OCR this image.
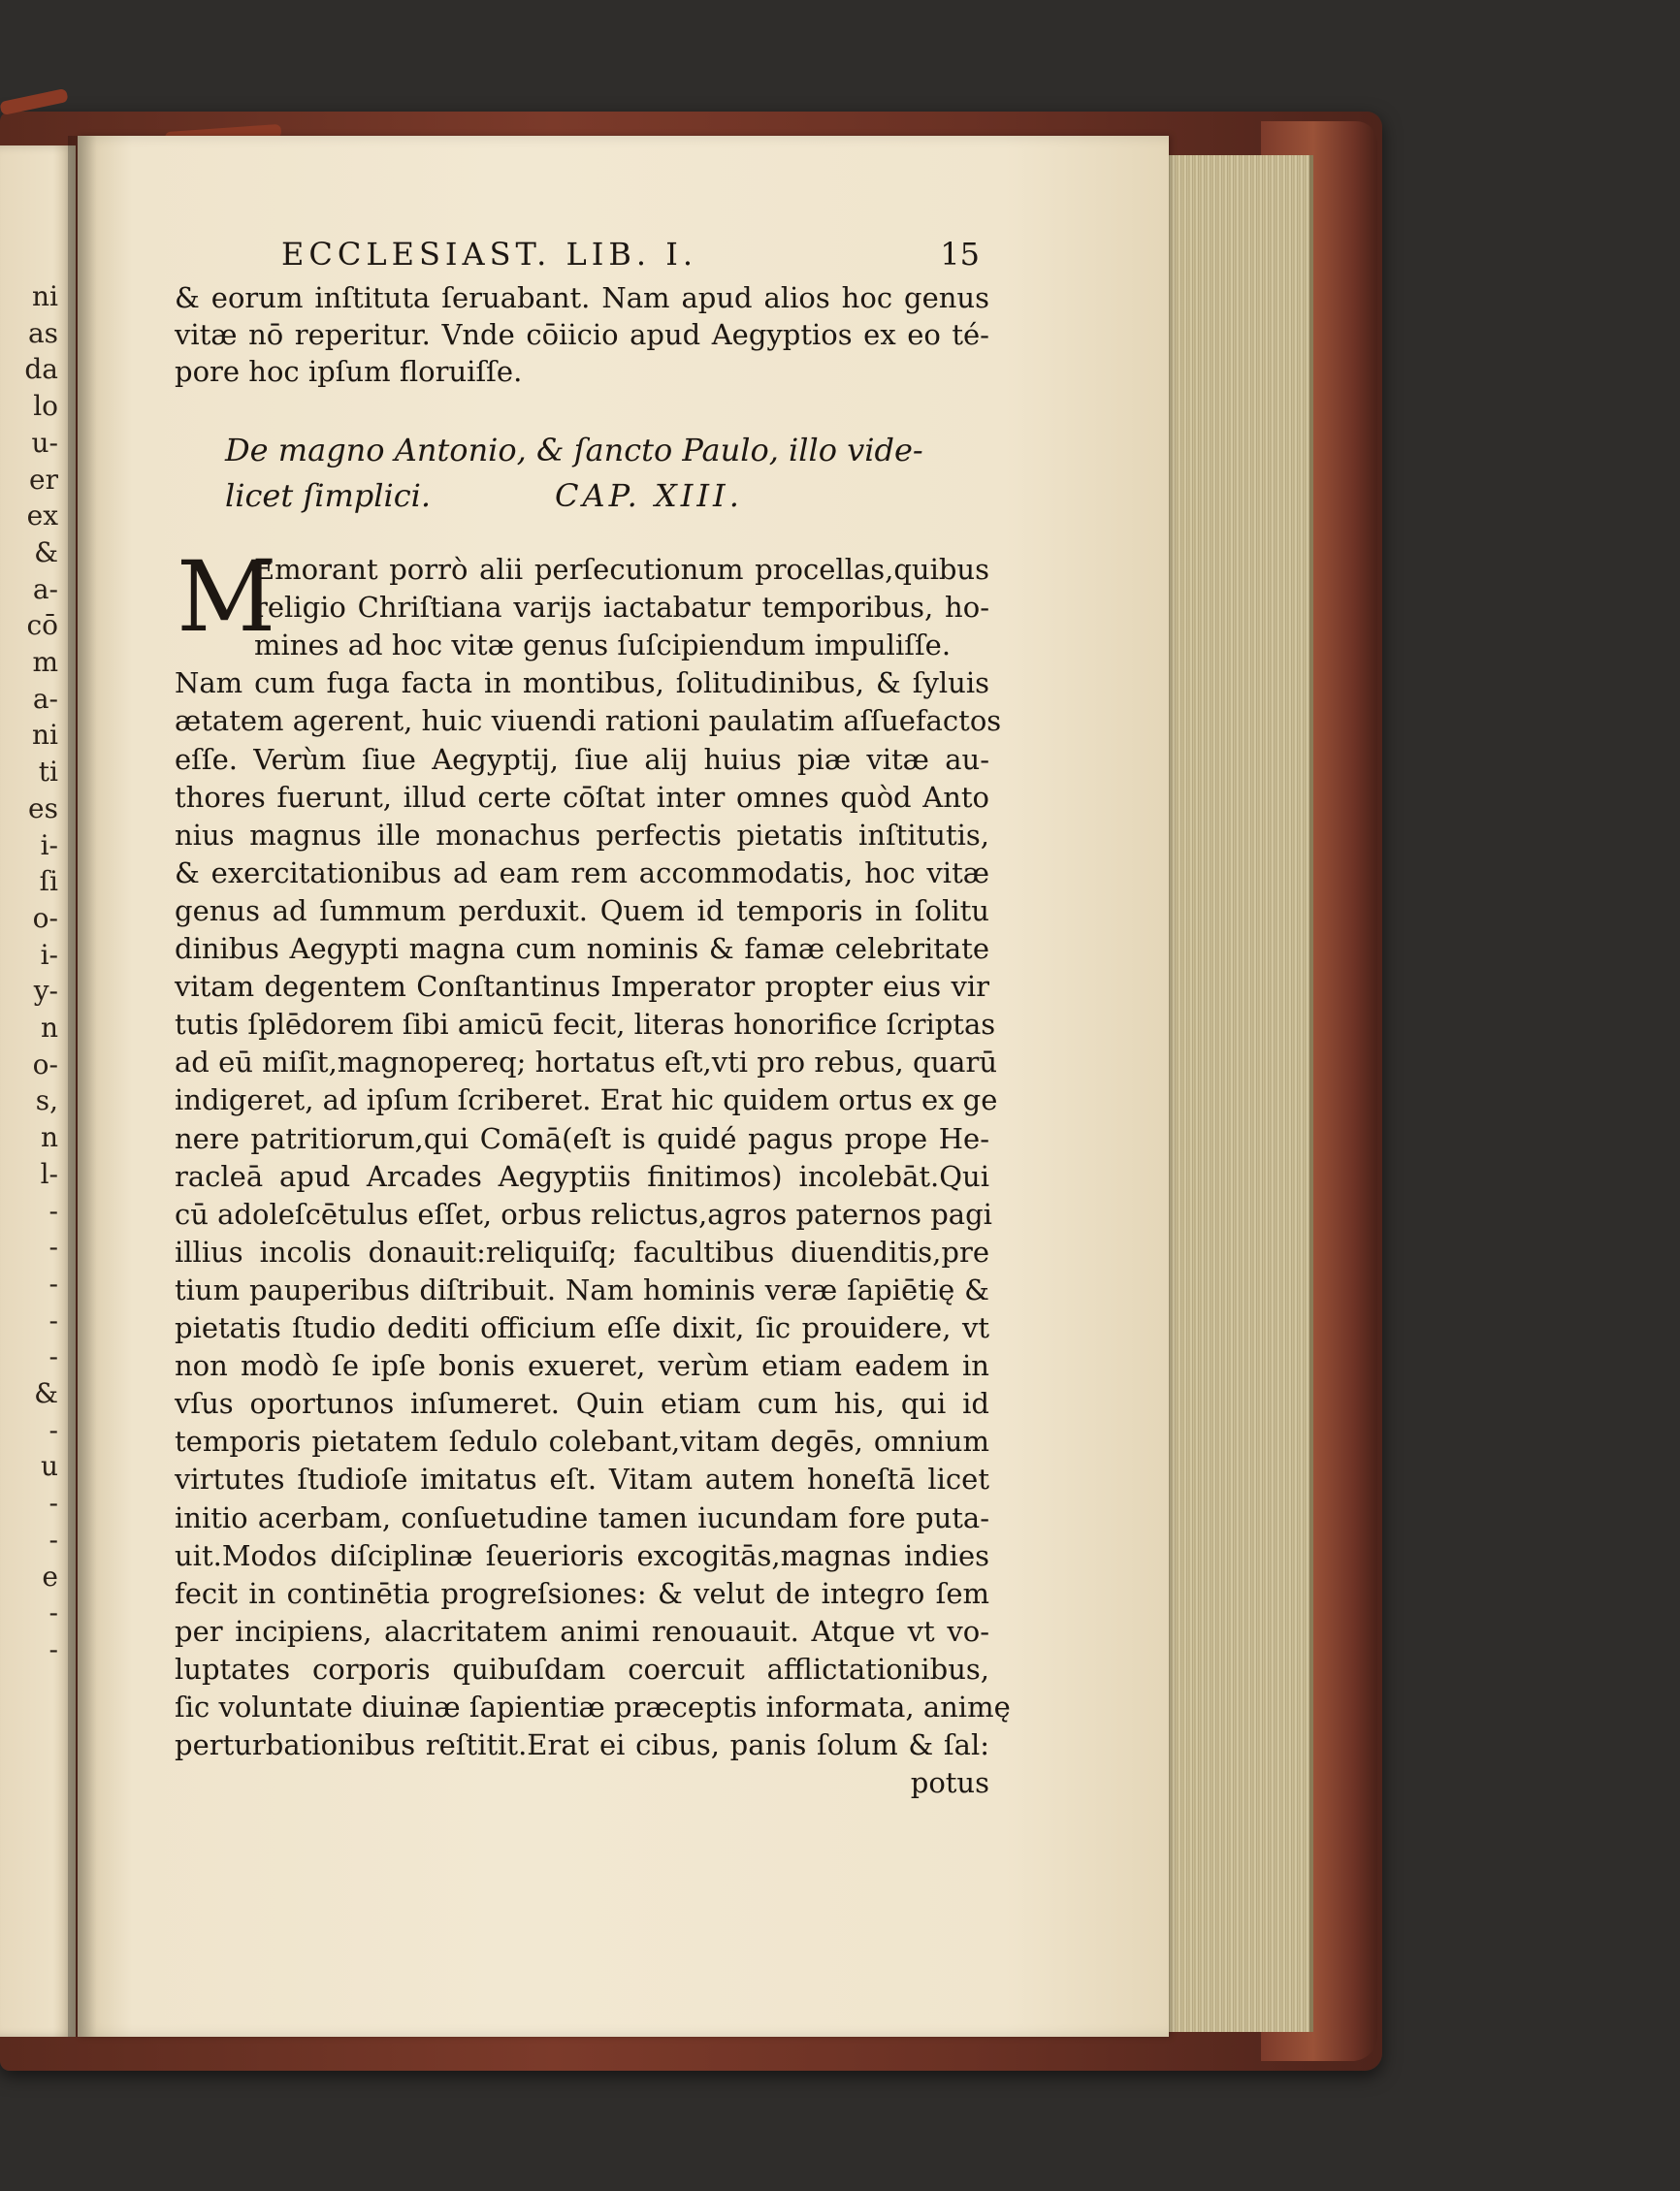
ni
as
da
lo
u-
er
ex
&
a-
cō
m
a-
ni
ti
es
i-
ſi
o-
i-
y-
n
o-
s,
n
l-
-
-
-
-
-
&
-
u
-
-
e
-
-
ECCLESIAST. LIB. I.	15
& eorum inſtituta ſeruabant. Nam apud alios hoc genus
vitæ nō reperitur. Vnde cōiicio apud Aegyptios ex eo té-
pore hoc ipſum floruiſſe.
De magno Antonio, & ſancto Paulo, illo vide-
licet ſimplici.	CAP. XIII.
M
Emorant porrò alii perſecutionum procellas,quibus
religio Chriſtiana varijs iactabatur temporibus, ho-
mines ad hoc vitæ genus ſuſcipiendum impuliſſe.
Nam cum fuga facta in montibus, ſolitudinibus, & ſyluis
ætatem agerent, huic viuendi rationi paulatim aſſuefactos
eſſe. Verùm ſiue Aegyptij, ſiue alij huius piæ vitæ au-
thores fuerunt, illud certe cōſtat inter omnes quòd Anto
nius magnus ille monachus perfectis pietatis inſtitutis,
& exercitationibus ad eam rem accommodatis, hoc vitæ
genus ad ſummum perduxit. Quem id temporis in ſolitu
dinibus Aegypti magna cum nominis & famæ celebritate
vitam degentem Conſtantinus Imperator propter eius vir
tutis ſplēdorem ſibi amicū fecit, literas honorifice ſcriptas
ad eū miſit,magnopereq; hortatus eſt,vti pro rebus, quarū
indigeret, ad ipſum ſcriberet. Erat hic quidem ortus ex ge
nere patritiorum,qui Comā(eſt is quidé pagus prope He-
racleā apud Arcades Aegyptiis finitimos) incolebāt.Qui
cū adoleſcētulus eſſet, orbus relictus,agros paternos pagi
illius incolis donauit:reliquiſq; facultibus diuenditis,pre
tium pauperibus diſtribuit. Nam hominis veræ ſapiētię &
pietatis ſtudio dediti officium eſſe dixit, ſic prouidere, vt
non modò ſe ipſe bonis exueret, verùm etiam eadem in
vſus oportunos inſumeret. Quin etiam cum his, qui id
temporis pietatem ſedulo colebant,vitam degēs, omnium
virtutes ſtudioſe imitatus eſt. Vitam autem honeſtā licet
initio acerbam, conſuetudine tamen iucundam fore puta-
uit.Modos diſciplinæ ſeuerioris excogitās,magnas indies
fecit in continētia progreſsiones: & velut de integro ſem
per incipiens, alacritatem animi renouauit. Atque vt vo-
luptates corporis quibuſdam coercuit afflictationibus,
ſic voluntate diuinæ ſapientiæ præceptis informata, animę
perturbationibus reſtitit.Erat ei cibus, panis ſolum & ſal:
potus
